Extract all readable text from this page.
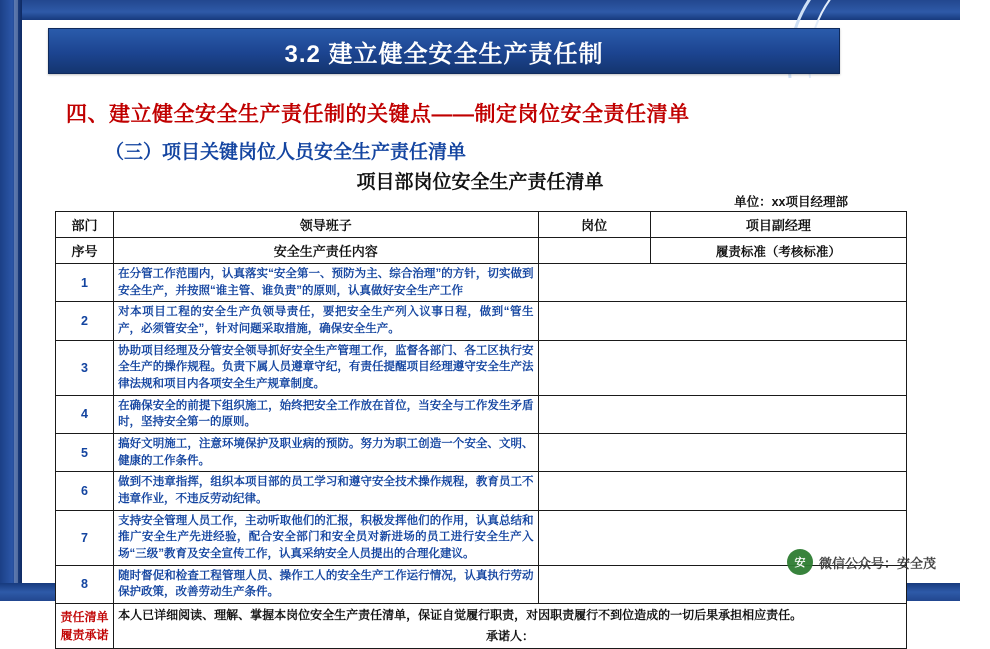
3.2 建立健全安全生产责任制
四、建立健全安全生产责任制的关键点——制定岗位安全责任清单
（三）项目关键岗位人员安全生产责任清单
项目部岗位安全生产责任清单
单位：xx项目经理部
部门	领导班子	岗位	项目副经理
序号	安全生产责任内容		履责标准（考核标准）
1	在分管工作范围内，认真落实“安全第一、预防为主、综合治理”的方针，切实做到安全生产，并按照“谁主管、谁负责”的原则，认真做好安全生产工作		
2	对本项目工程的安全生产负领导责任，要把安全生产列入议事日程，做到“管生产，必须管安全”，针对问题采取措施，确保安全生产。		
3	协助项目经理及分管安全领导抓好安全生产管理工作，监督各部门、各工区执行安全生产的操作规程。负责下属人员遵章守纪，有责任提醒项目经理遵守安全生产法律法规和项目内各项安全生产规章制度。		
4	在确保安全的前提下组织施工，始终把安全工作放在首位，当安全与工作发生矛盾时，坚持安全第一的原则。		
5	搞好文明施工，注意环境保护及职业病的预防。努力为职工创造一个安全、文明、健康的工作条件。		
6	做到不违章指挥，组织本项目部的员工学习和遵守安全技术操作规程，教育员工不违章作业，不违反劳动纪律。		
7	支持安全管理人员工作，主动听取他们的汇报，积极发挥他们的作用，认真总结和推广安全生产先进经验，配合安全部门和安全员对新进场的员工进行安全生产入场“三级”教育及安全宣传工作，认真采纳安全人员提出的合理化建议。		
8	随时督促和检查工程管理人员、操作工人的安全生产工作运行情况，认真执行劳动保护政策，改善劳动生产条件。		
责任清单
履责承诺	本人已详细阅读、理解、掌握本岗位安全生产责任清单，保证自觉履行职责，对因职责履行不到位造成的一切后果承担相应责任。
承诺人：		
安	微信公众号：安全茂
